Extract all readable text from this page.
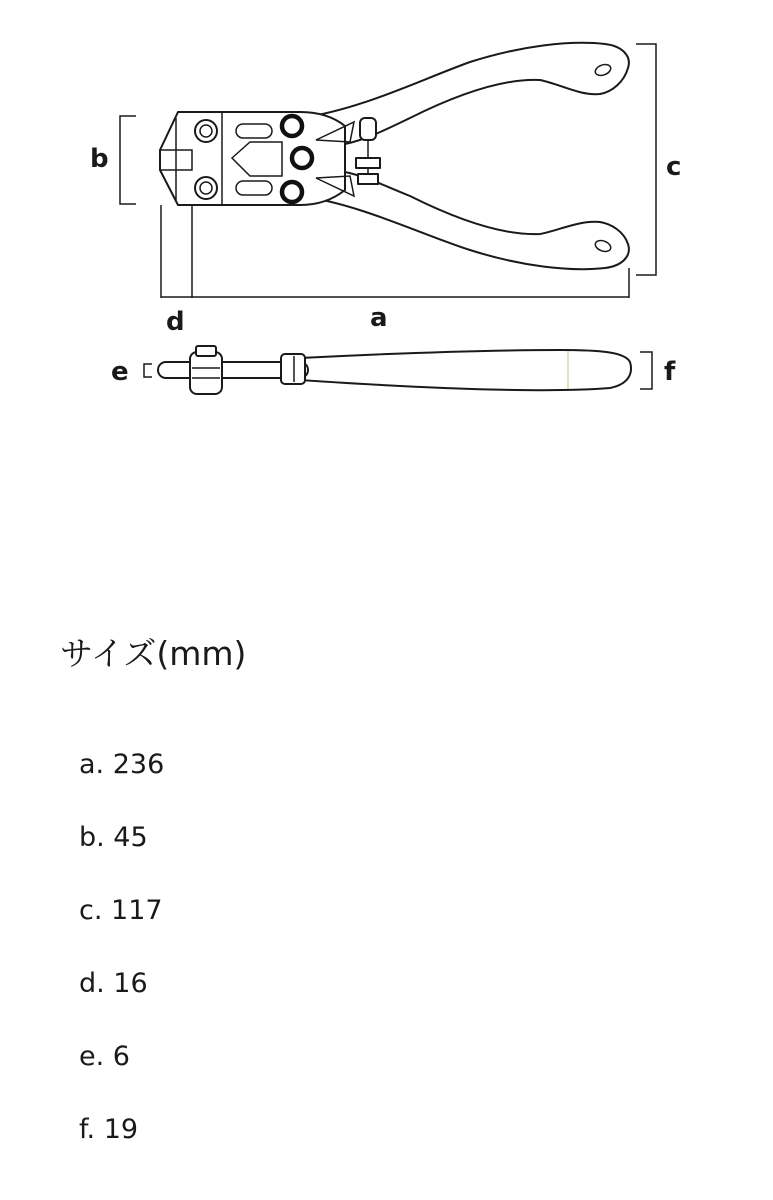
b	c
d	a
e	f
サイズ(mm)
a. 236
b. 45
c. 117
d. 16
e. 6
f. 19
